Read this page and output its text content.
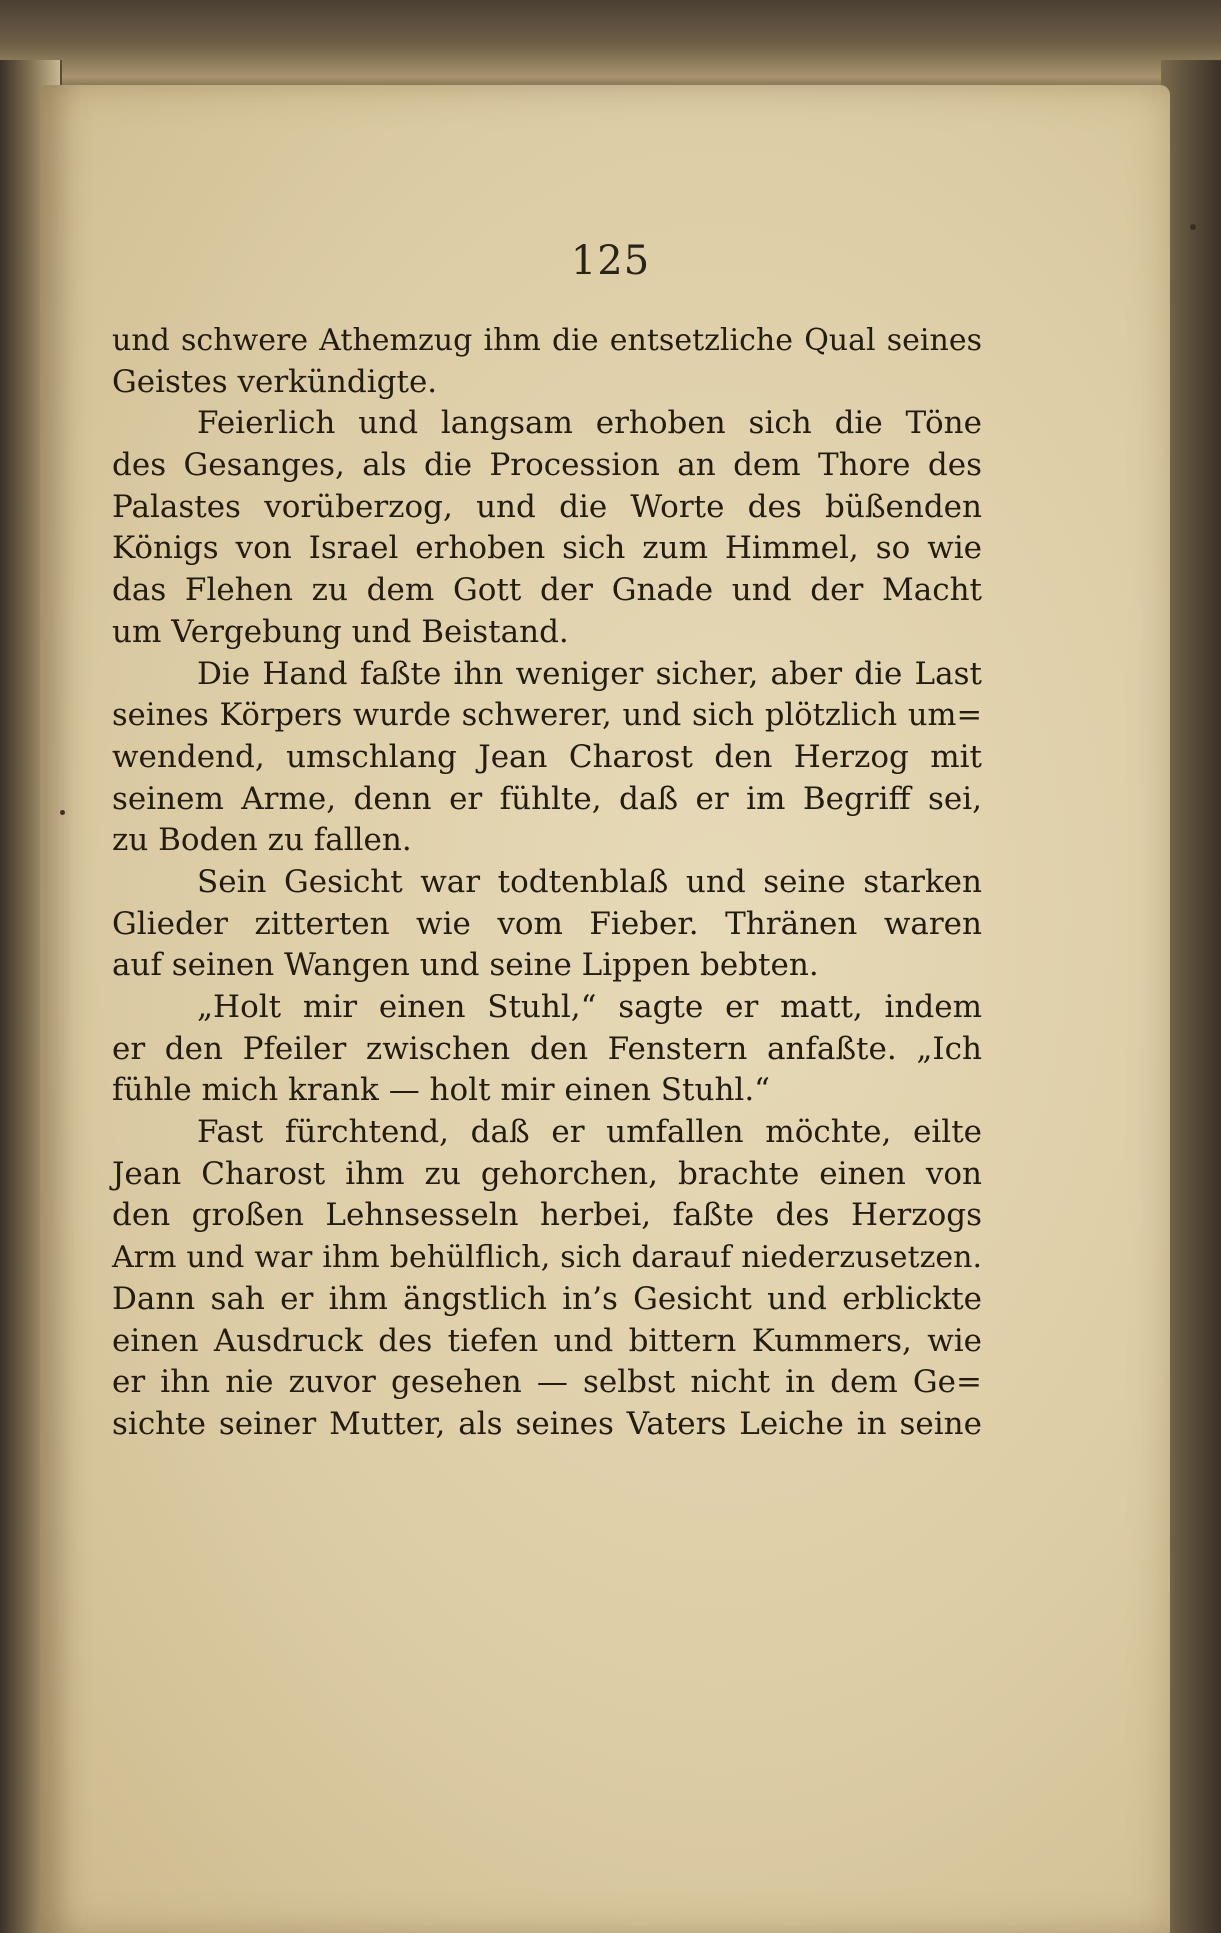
125
und schwere Athemzug ihm die entsetzliche Qual seines
Geistes verkündigte.
Feierlich und langsam erhoben sich die Töne
des Gesanges, als die Procession an dem Thore des
Palastes vorüberzog, und die Worte des büßenden
Königs von Israel erhoben sich zum Himmel, so wie
das Flehen zu dem Gott der Gnade und der Macht
um Vergebung und Beistand.
Die Hand faßte ihn weniger sicher, aber die Last
seines Körpers wurde schwerer, und sich plötzlich um=
wendend, umschlang Jean Charost den Herzog mit
seinem Arme, denn er fühlte, daß er im Begriff sei,
zu Boden zu fallen.
Sein Gesicht war todtenblaß und seine starken
Glieder zitterten wie vom Fieber. Thränen waren
auf seinen Wangen und seine Lippen bebten.
„Holt mir einen Stuhl,“ sagte er matt, indem
er den Pfeiler zwischen den Fenstern anfaßte. „Ich
fühle mich krank — holt mir einen Stuhl.“
Fast fürchtend, daß er umfallen möchte, eilte
Jean Charost ihm zu gehorchen, brachte einen von
den großen Lehnsesseln herbei, faßte des Herzogs
Arm und war ihm behülflich, sich darauf niederzusetzen.
Dann sah er ihm ängstlich in’s Gesicht und erblickte
einen Ausdruck des tiefen und bittern Kummers, wie
er ihn nie zuvor gesehen — selbst nicht in dem Ge=
sichte seiner Mutter, als seines Vaters Leiche in seine
